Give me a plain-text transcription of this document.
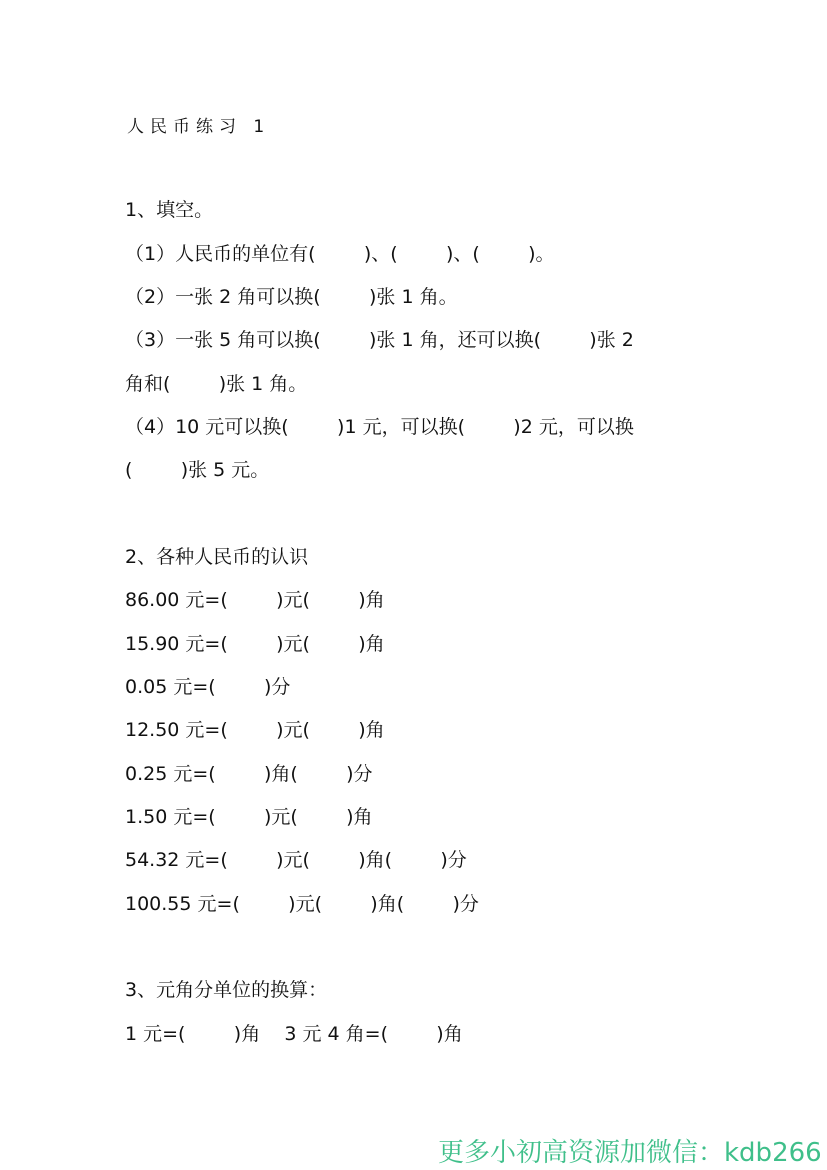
人民币练习 1
1、填空。
（1）人民币的单位有(        )、(        )、(        )。
（2）一张 2 角可以换(        )张 1 角。
（3）一张 5 角可以换(        )张 1 角，还可以换(        )张 2
角和(        )张 1 角。
（4）10 元可以换(        )1 元，可以换(        )2 元，可以换
(        )张 5 元。
2、各种人民币的认识
86.00 元=(        )元(        )角
15.90 元=(        )元(        )角
0.05 元=(        )分
12.50 元=(        )元(        )角
0.25 元=(        )角(        )分
1.50 元=(        )元(        )角
54.32 元=(        )元(        )角(        )分
100.55 元=(        )元(        )角(        )分
3、元角分单位的换算：
1 元=(        )角    3 元 4 角=(        )角
更多小初高资源加微信：kdb266
